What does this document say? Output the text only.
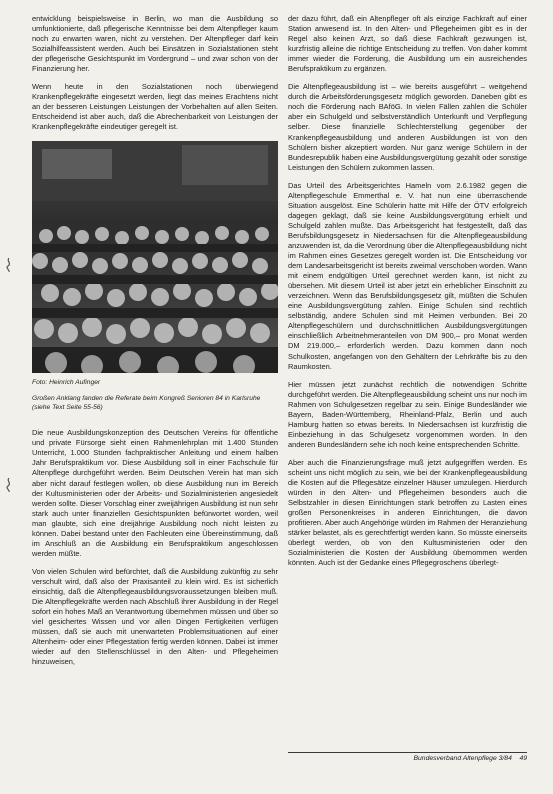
entwicklung beispielsweise in Berlin, wo man die Ausbildung so umfunktionierte, daß pflegerische Kenntnisse bei dem Altenpfleger kaum noch zu erwarten waren, nicht zu verstehen. Der Altenpfleger darf kein Sozialhilfeassistent werden. Auch bei Einsätzen in Sozialstationen steht der pflegerische Gesichtspunkt im Vordergrund – und zwar schon von der Finanzierung her.

Wenn heute in den Sozialstationen noch überwiegend Krankenpflegekräfte eingesetzt werden, liegt das meines Erachtens nicht an der besseren Leistungen Leistungen der Vorbehalten auf allen Seiten. Entscheidend ist aber auch, daß die Abrechenbarkeit von Leistungen der Krankenpflegekräfte eindeutiger geregelt ist.

Foto: Heinrich Aufinger

Großen Anklang fanden die Referate beim Kongreß Senioren 84 in Karlsruhe

(siehe Text Seite 55-56)

Die neue Ausbildungskonzeption des Deutschen Vereins für öffentliche und private Fürsorge sieht einen Rahmenlehrplan mit 1.400 Stunden Unterricht, 1.000 Stunden fachpraktischer Anleitung und einem halben Jahr Berufspraktikum vor. Diese Ausbildung soll in einer Fachschule für Altenpflege durchgeführt werden. Beim Deutschen Verein hat man sich aber nicht darauf festlegen wollen, ob diese Ausbildung nun im Bereich der Kultusministerien oder der Arbeits- und Sozialministerien angesiedelt werden sollte. Dieser Vorschlag einer zweijährigen Ausbildung ist nun sehr stark auch unter finanziellen Gesichtspunkten befürwortet worden, weil man glaubte, sich eine dreijährige Ausbildung noch nicht leisten zu können. Dabei bestand unter den Fachleuten eine Übereinstimmung, daß im Anschluß an die Ausbildung ein Berufspraktikum angeschlossen werden müßte.

Von vielen Schulen wird befürchtet, daß die Ausbildung zukünftig zu sehr verschult wird, daß also der Praxisanteil zu klein wird. Es ist sicherlich einsichtig, daß die Altenpflegeausbildungsvoraussetzungen bleiben muß. Die Altenpflegekräfte werden nach Abschluß ihrer Ausbildung in der Regel sofort ein hohes Maß an Verantwortung übernehmen müssen und über so viel gesichertes Wissen und vor allen Dingen Fertigkeiten verfügen müssen, daß sie auch mit unerwarteten Problemsituationen auf einer Altenheim- oder einer Pflegestation fertig werden können. Dabei ist immer wieder auf den Stellenschlüssel in den Alten- und Pflegeheimen hinzuweisen,

der dazu führt, daß ein Altenpfleger oft als einzige Fachkraft auf einer Station anwesend ist. In den Alten- und Pflegeheimen gibt es in der Regel also keinen Arzt, so daß diese Fachkraft gezwungen ist, kurzfristig alleine die richtige Entscheidung zu treffen. Von daher kommt immer wieder die Forderung, die Ausbildung um ein ausreichendes Berufspraktikum zu ergänzen.

Die Altenpflegeausbildung ist – wie bereits ausgeführt – weitgehend durch die Arbeitsförderungsgesetz möglich geworden. Daneben gibt es noch die Förderung nach BAföG. In vielen Fällen zahlen die Schüler aber ein Schulgeld und selbstverständlich Unterkunft und Verpflegung selber. Diese finanzielle Schlechterstellung gegenüber der Krankenpflegeausbildung und anderen Ausbildungen ist von den Schülern bisher akzeptiert worden. Nur ganz wenige Schülern in der Bundesrepublik haben eine Ausbildungsvergütung gezahlt oder sonstige Leistungen den Schülern zukommen lassen.

Das Urteil des Arbeitsgerichtes Hameln vom 2.6.1982 gegen die Altenpflegeschule Emmerthal e. V. hat nun eine überraschende Situation ausgelöst. Eine Schülerin hatte mit Hilfe der ÖTV erfolgreich dagegen geklagt, daß sie keine Ausbildungsvergütung erhielt und Schulgeld zahlen mußte. Das Arbeitsgericht hat festgestellt, daß das Berufsbildungsgesetz in Niedersachsen für die Altenpflegeausbildung anzuwenden ist, da die Verordnung über die Altenpflegeausbildung nicht im Rahmen eines Gesetzes geregelt worden ist. Die Entscheidung vor dem Landesarbeitsgericht ist bereits zweimal verschoben worden. Wann mit einem endgültigen Urteil gerechnet werden kann, ist nicht zu übersehen. Mit diesem Urteil ist aber jetzt ein erheblicher Einschnitt zu verzeichnen. Wenn das Berufsbildungsgesetz gilt, müßten die Schulen eine Ausbildungsvergütung zahlen. Einige Schulen sind rechtlich selbständig, andere Schulen sind mit Heimen verbunden. Bei 20 Altenpflegeschülern und durchschnittlichen Ausbildungsvergütungen einschließlich Arbeitnehmeranteilen von DM 900,– pro Monat werden DM 219.000,– erforderlich werden. Dazu kommen dann noch Schulkosten, angefangen von den Gehältern der Lehrkräfte bis zu den Raumkosten.

Hier müssen jetzt zunächst rechtlich die notwendigen Schritte durchgeführt werden. Die Altenpflegeausbildung scheint uns nur noch im Rahmen von Schulgesetzen regelbar zu sein. Einige Bundesländer wie Bayern, Baden-Württemberg, Rheinland-Pfalz, Berlin und auch Hamburg hatten so etwas bereits. In Niedersachsen ist kurzfristig die Einbeziehung in das Schulgesetz vorgenommen worden. In den anderen Bundesländern sehe ich noch keine entsprechenden Schritte.

Aber auch die Finanzierungsfrage muß jetzt aufgegriffen werden. Es scheint uns nicht möglich zu sein, wie bei der Krankenpflegeausbildung die Kosten auf die Pflegesätze einzelner Häuser umzulegen. Hierdurch würden in den Alten- und Pflegeheimen besonders auch die Selbstzahler in diesen Einrichtungen stark betroffen zu Lasten eines großen Personenkreises in anderen Einrichtungen, die davon profitieren. Aber auch Angehörige würden im Rahmen der Heranziehung stärker belastet, als es gerechtfertigt werden kann. So müsste einerseits überlegt werden, ob von den Kultusministerien oder den Sozialministerien die Kosten der Ausbildung übernommen werden könnten. Auch ist der Gedanke eines Pflegegroschens überlegt-

Bundesverband Altenpflege 3/84 49
